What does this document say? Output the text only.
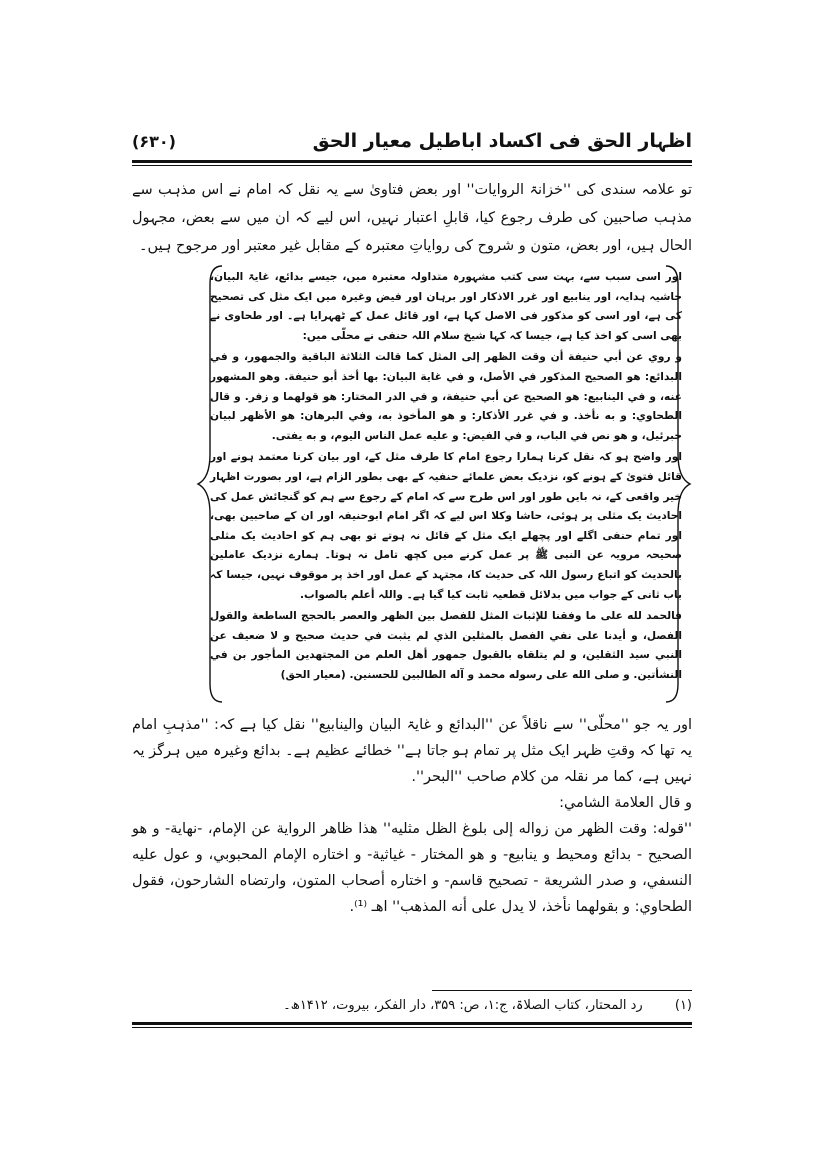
اظہار الحق فی اکساد اباطیل معیار الحق
(۶۳۰)
تو علامہ سندی کی ''خزانۃ الروایات'' اور بعض فتاویٰ سے یہ نقل کہ امام نے اس مذہب سے مذہب صاحبین کی طرف رجوع کیا، قابلِ اعتبار نہیں، اس لیے کہ ان میں سے بعض، مجہول الحال ہیں، اور بعض، متون و شروح کی روایاتِ معتبرہ کے مقابل غیر معتبر اور مرجوح ہیں۔

اور اسی سبب سے، بہت سی کتب مشہورہ متداولہ معتبرہ میں، جیسے بدائع، غایۃ البیان، حاشیہ ہدایہ، اور ینابیع اور غرر الاذکار اور برہان اور فیض وغیرہ میں ایک مثل کی تصحیح کی ہے، اور اسی کو مذکور فی الاصل کہا ہے، اور قائل عمل کے ٹھہرایا ہے۔ اور طحاوی نے بھی اسی کو اخذ کیا ہے، جیسا کہ کہا شیخ سلام اللہ حنفی نے محلّی میں:

و روي عن أبي حنيفة أن وقت الظهر إلى المثل كما قالت الثلاثة الباقية والجمهور، و في البدائع: هو الصحيح المذكور في الأصل، و في غاية البيان: بها أخذ أبو حنيفة. وهو المشهور عنه، و في الينابيع: هو الصحيح عن أبي حنيفة، و في الدر المختار: هو قولهما و زفر. و قال الطحاوي: و به نأخذ. و في غرر الأذكار: و هو المأخوذ به، وفي البرهان: هو الأظهر لبيان جبرئيل، و هو نص في الباب، و في الفيض: و عليه عمل الناس اليوم، و به يفتى.

اور واضح ہو کہ نقل کرنا ہمارا رجوع امام کا طرف مثل کے، اور بیان کرنا معتمد ہونے اور قائل فتویٰ کے ہونے کو، نزدیک بعض علمائے حنفیہ کے بھی بطور الزام ہے، اور بصورت اظہار خیر واقعی کے، نہ بایں طور اور اس طرح سے کہ امام کے رجوع سے ہم کو گنجائش عمل کی احادیث یک مثلی پر ہوئی، حاشا وکلا اس لیے کہ اگر امام ابوحنیفہ اور ان کے صاحبین بھی، اور تمام حنفی اگلے اور پچھلے ایک مثل کے قائل نہ ہوتے تو بھی ہم کو احادیث یک مثلی صحیحہ مرویہ عن النبی ﷺ پر عمل کرنے میں کچھ تامل نہ ہوتا۔ ہمارے نزدیک عاملین بالحدیث کو اتباع رسول اللہ کی حدیث کا، مجتہد کے عمل اور اخذ پر موقوف نہیں، جیسا کہ باب ثانی کے جواب میں بدلائل قطعیہ ثابت کیا گیا ہے۔ واللہ أعلم بالصواب.

فالحمد لله على ما وفقنا للإثبات المثل للفصل بين الظهر والعصر بالحجج الساطعة والقول الفصل، و أيدنا على نفي الفصل بالمثلين الذي لم يثبت في حديث صحيح و لا ضعيف عن النبي سيد الثقلين، و لم يتلقاه بالقبول جمهور أهل العلم من المجتهدين المأجور بن في النشأتين. و صلى الله على رسوله محمد و آله الطالبين للحسنين. (معیار الحق)

اور یہ جو ''محلّی'' سے ناقلاً عن ''البدائع و غایۃ البیان والینابیع'' نقل کیا ہے کہ: ''مذہبِ امام یہ تھا کہ وقتِ ظہر ایک مثل پر تمام ہو جاتا ہے'' خطائے عظیم ہے۔ بدائع وغیرہ میں ہرگز یہ نہیں ہے، کما مر نقلہ من کلام صاحب ''البحر''.

و قال العلامة الشامي:

''قوله: وقت الظهر من زواله إلى بلوغ الظل مثليه'' هذا ظاهر الرواية عن الإمام، -نهاية- و هو الصحيح - بدائع ومحيط و ينابيع- و هو المختار - غياثية- و اختاره الإمام المحبوبي، و عول عليه النسفي، و صدر الشريعة - تصحيح قاسم- و اختاره أصحاب المتون، وارتضاه الشارحون، فقول الطحاوي: و بقولهما نأخذ، لا يدل على أنه المذهب'' اهـ ⁽¹⁾.

(۱) رد المحتار، کتاب الصلاۃ، ج:۱، ص: ۳۵۹، دار الفکر، بیروت، ۱۴۱۲ھ۔
